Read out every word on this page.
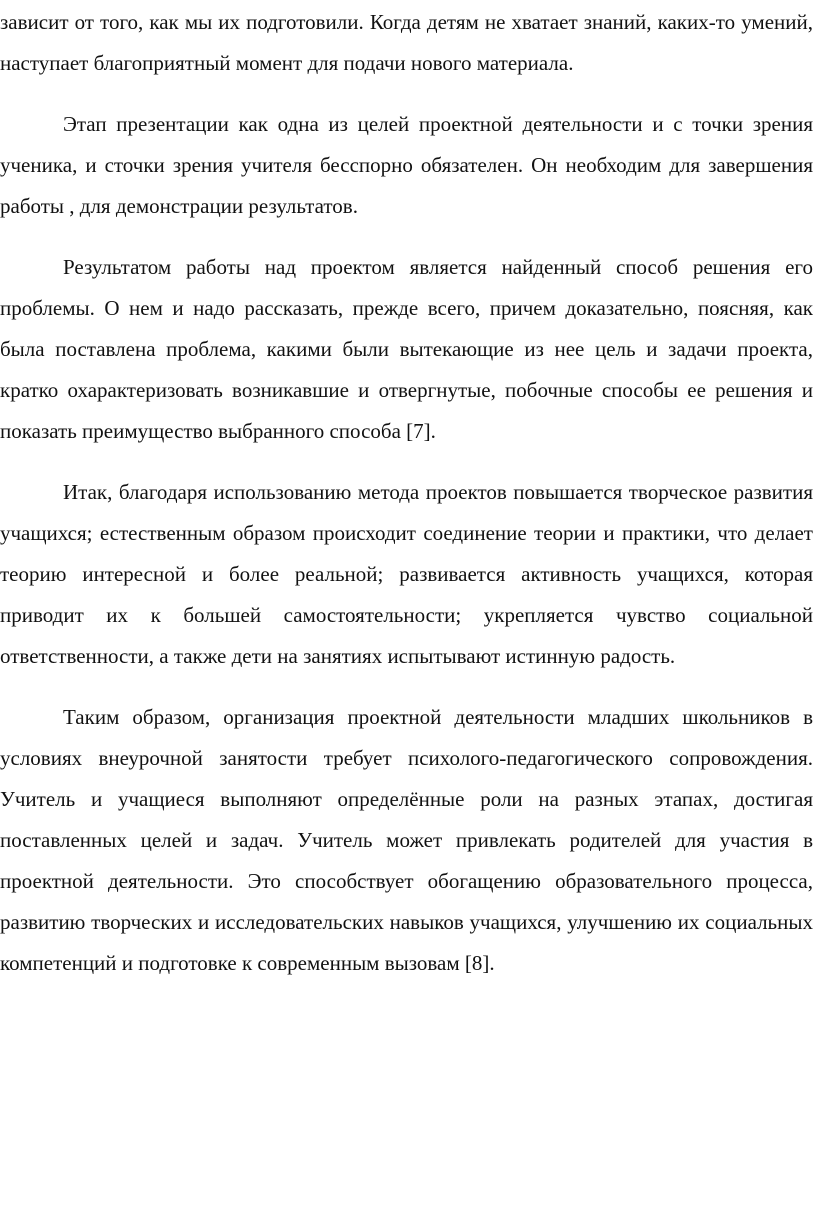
зависит от того, как мы их подготовили. Когда детям не хватает знаний, каких-то умений, наступает благоприятный момент для подачи нового материала.

Этап презентации как одна из целей проектной деятельности и с точки зрения ученика, и сточки зрения учителя бесспорно обязателен. Он необходим для завершения работы , для демонстрации результатов.

Результатом работы над проектом является найденный способ решения его проблемы. О нем и надо рассказать, прежде всего, причем доказательно, поясняя, как была поставлена проблема, какими были вытекающие из нее цель и задачи проекта, кратко охарактеризовать возникавшие и отвергнутые, побочные способы ее решения и показать преимущество выбранного способа [7].

Итак, благодаря использованию метода проектов повышается творческое развития учащихся; естественным образом происходит соединение теории и практики, что делает теорию интересной и более реальной; развивается активность учащихся, которая приводит их к большей самостоятельности; укрепляется чувство социальной ответственности, а также дети на занятиях испытывают истинную радость.

Таким образом, организация проектной деятельности младших школьников в условиях внеурочной занятости требует психолого-педагогического сопровождения. Учитель и учащиеся выполняют определённые роли на разных этапах, достигая поставленных целей и задач. Учитель может привлекать родителей для участия в проектной деятельности. Это способствует обогащению образовательного процесса, развитию творческих и исследовательских навыков учащихся, улучшению их социальных компетенций и подготовке к современным вызовам [8].
